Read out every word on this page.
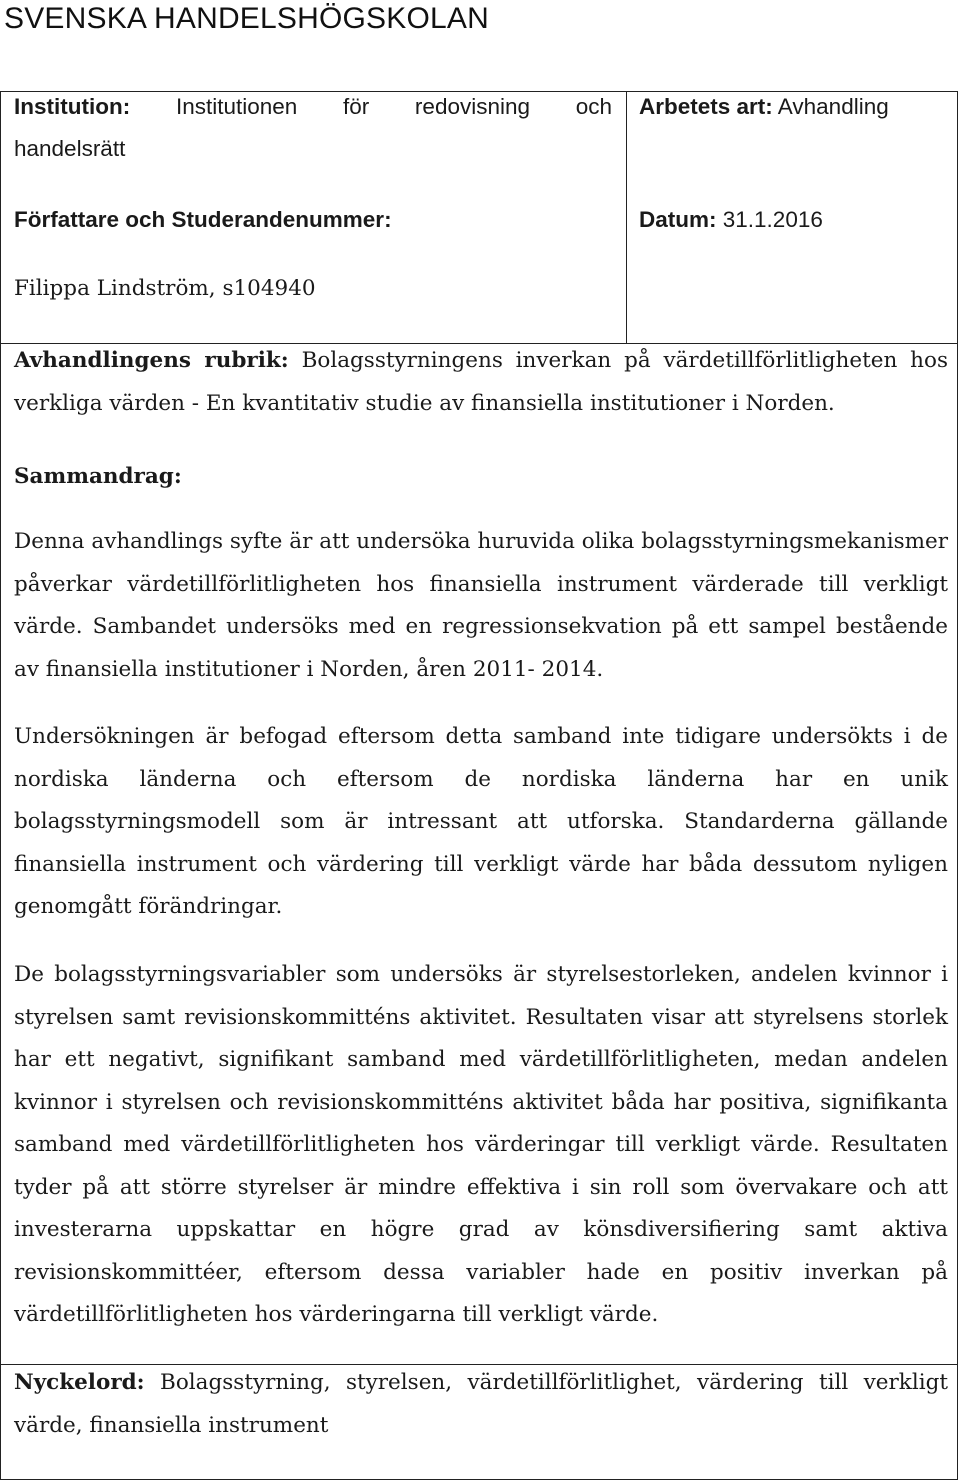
SVENSKA HANDELSHÖGSKOLAN
Institution: Institutionen för redovisning och
handelsrätt
Arbetets art: Avhandling
Författare och Studerandenummer:	Datum: 31.1.2016
Filippa Lindström, s104940
Avhandlingens rubrik: Bolagsstyrningens inverkan på värdetillförlitligheten hos
verkliga värden - En kvantitativ studie av finansiella institutioner i Norden.
Sammandrag:

Denna avhandlings syfte är att undersöka huruvida olika bolagsstyrningsmekanismer påverkar värdetillförlitligheten hos finansiella instrument värderade till verkligt värde. Sambandet undersöks med en regressionsekvation på ett sampel bestående av finansiella institutioner i Norden, åren 2011- 2014.

Undersökningen är befogad eftersom detta samband inte tidigare undersökts i de nordiska länderna och eftersom de nordiska länderna har en unik bolagsstyrningsmodell som är intressant att utforska. Standarderna gällande finansiella instrument och värdering till verkligt värde har båda dessutom nyligen genomgått förändringar.

De bolagsstyrningsvariabler som undersöks är styrelsestorleken, andelen kvinnor i styrelsen samt revisionskommitténs aktivitet. Resultaten visar att styrelsens storlek har ett negativt, signifikant samband med värdetillförlitligheten, medan andelen kvinnor i styrelsen och revisionskommitténs aktivitet båda har positiva, signifikanta samband med värdetillförlitligheten hos värderingar till verkligt värde. Resultaten tyder på att större styrelser är mindre effektiva i sin roll som övervakare och att investerarna uppskattar en högre grad av könsdiversifiering samt aktiva revisionskommittéer, eftersom dessa variabler hade en positiv inverkan på värdetillförlitligheten hos värderingarna till verkligt värde.

Nyckelord: Bolagsstyrning, styrelsen, värdetillförlitlighet, värdering till verkligt värde, finansiella instrument
